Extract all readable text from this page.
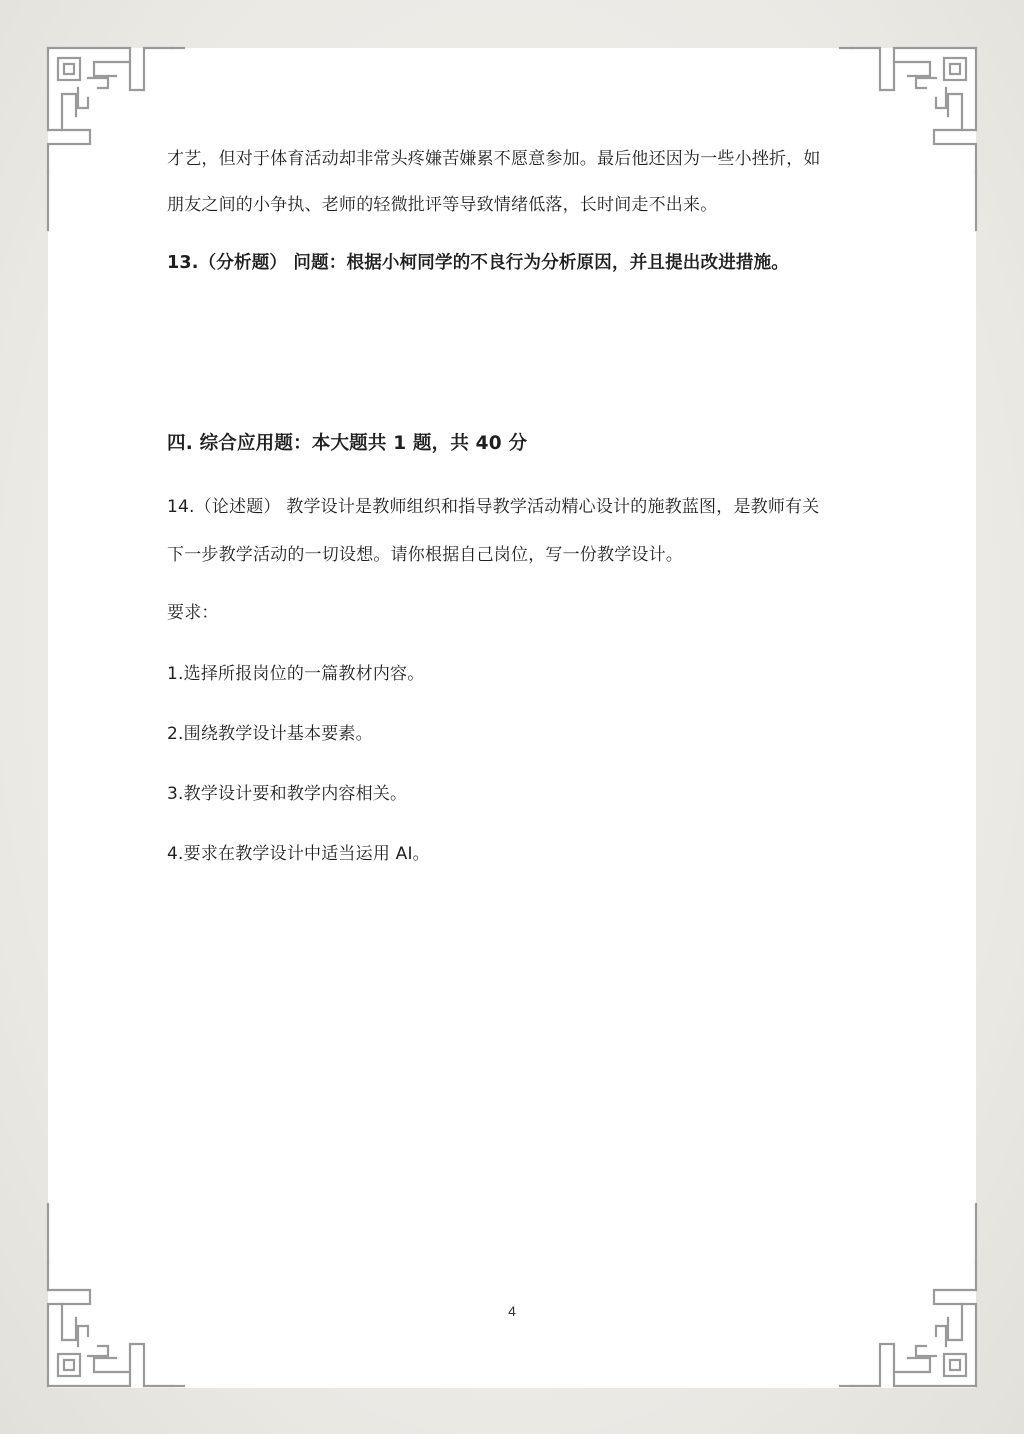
才艺，但对于体育活动却非常头疼嫌苦嫌累不愿意参加。最后他还因为一些小挫折，如
朋友之间的小争执、老师的轻微批评等导致情绪低落，长时间走不出来。
13.（分析题） 问题：根据小柯同学的不良行为分析原因，并且提出改进措施。
四. 综合应用题：本大题共 1 题，共 40 分
14.（论述题） 教学设计是教师组织和指导教学活动精心设计的施教蓝图，是教师有关
下一步教学活动的一切设想。请你根据自己岗位，写一份教学设计。
要求：
1.选择所报岗位的一篇教材内容。
2.围绕教学设计基本要素。
3.教学设计要和教学内容相关。
4.要求在教学设计中适当运用 AI。
4
